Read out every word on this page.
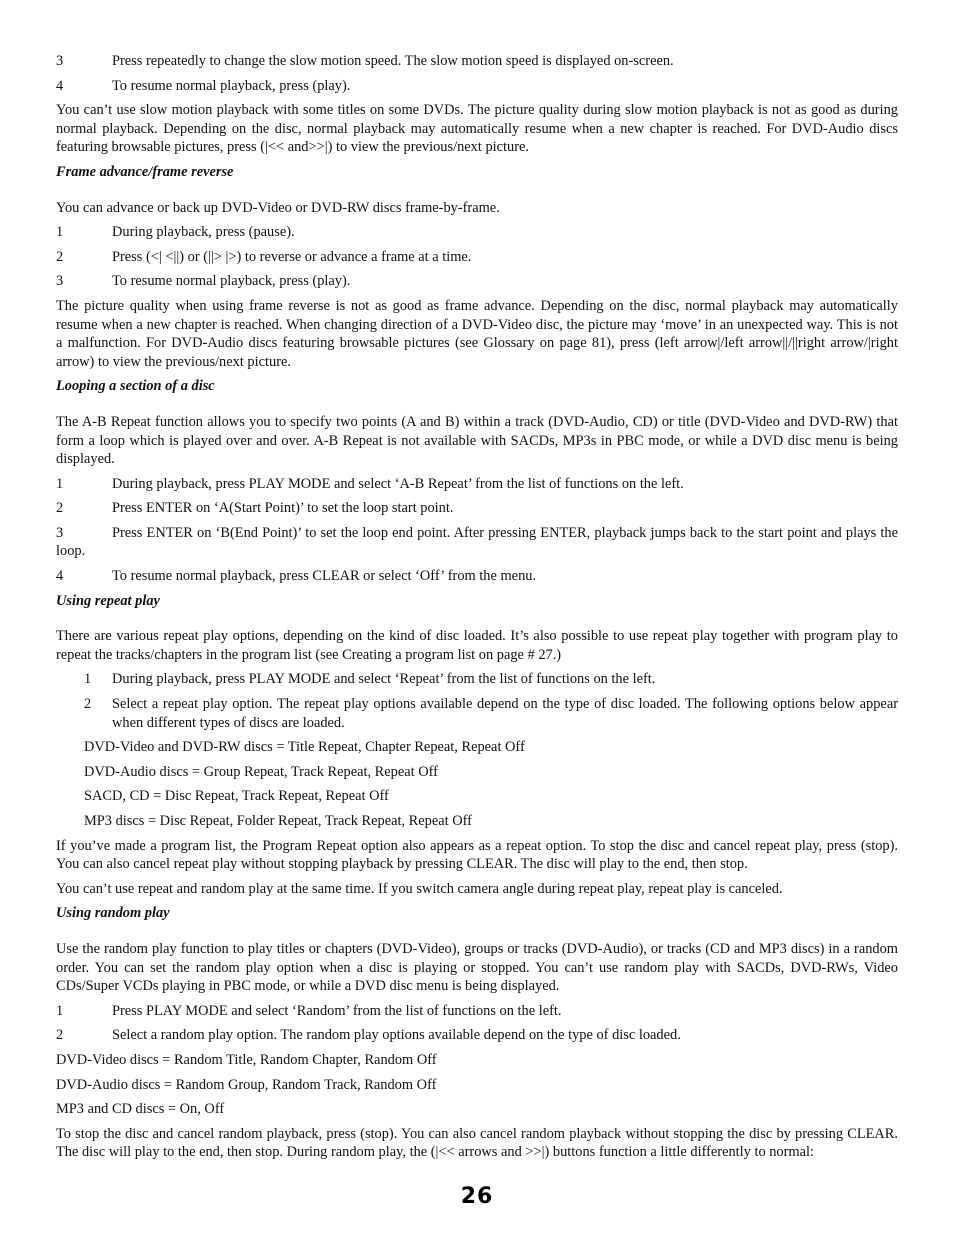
3	Press repeatedly to change the slow motion speed. The slow motion speed is displayed on-screen.
4	To resume normal playback, press (play).

You can’t use slow motion playback with some titles on some DVDs. The picture quality during slow motion playback is not as good as during normal playback. Depending on the disc, normal playback may automatically resume when a new chapter is reached. For DVD-Audio discs featuring browsable pictures, press (|<< and>>|) to view the previous/next picture.

Frame advance/frame reverse

You can advance or back up DVD-Video or DVD-RW discs frame-by-frame.

1	During playback, press (pause).
2	Press (<| <||) or (||> |>) to reverse or advance a frame at a time.
3	To resume normal playback, press (play).

The picture quality when using frame reverse is not as good as frame advance. Depending on the disc, normal playback may automatically resume when a new chapter is reached. When changing direction of a DVD-Video disc, the picture may ‘move’ in an unexpected way. This is not a malfunction. For DVD-Audio discs featuring browsable pictures (see Glossary on page 81), press (left arrow|/left arrow||/||right arrow/|right arrow) to view the previous/next picture.

Looping a section of a disc

The A-B Repeat function allows you to specify two points (A and B) within a track (DVD-Audio, CD) or title (DVD-Video and DVD-RW) that form a loop which is played over and over. A-B Repeat is not available with SACDs, MP3s in PBC mode, or while a DVD disc menu is being displayed.

1	During playback, press PLAY MODE and select ‘A-B Repeat’ from the list of functions on the left.
2	Press ENTER on ‘A(Start Point)’ to set the loop start point.
3	Press ENTER on ‘B(End Point)’ to set the loop end point. After pressing ENTER, playback jumps back to the start point and plays the loop.
4	To resume normal playback, press CLEAR or select ‘Off’ from the menu.
Using repeat play

There are various repeat play options, depending on the kind of disc loaded. It’s also possible to use repeat play together with program play to repeat the tracks/chapters in the program list (see Creating a program list on page # 27.)

1	During playback, press PLAY MODE and select ‘Repeat’ from the list of functions on the left.
2	Select a repeat play option. The repeat play options available depend on the type of disc loaded. The following options below appear when different types of discs are loaded.
DVD-Video and DVD-RW discs = Title Repeat, Chapter Repeat, Repeat Off
DVD-Audio discs = Group Repeat, Track Repeat, Repeat Off
SACD, CD = Disc Repeat, Track Repeat, Repeat Off
MP3 discs = Disc Repeat, Folder Repeat, Track Repeat, Repeat Off

If you’ve made a program list, the Program Repeat option also appears as a repeat option. To stop the disc and cancel repeat play, press (stop). You can also cancel repeat play without stopping playback by pressing CLEAR. The disc will play to the end, then stop.

You can’t use repeat and random play at the same time. If you switch camera angle during repeat play, repeat play is canceled.

Using random play

Use the random play function to play titles or chapters (DVD-Video), groups or tracks (DVD-Audio), or tracks (CD and MP3 discs) in a random order. You can set the random play option when a disc is playing or stopped. You can’t use random play with SACDs, DVD-RWs, Video CDs/Super VCDs playing in PBC mode, or while a DVD disc menu is being displayed.

1	Press PLAY MODE and select ‘Random’ from the list of functions on the left.
2	Select a random play option. The random play options available depend on the type of disc loaded.
DVD-Video discs = Random Title, Random Chapter, Random Off
DVD-Audio discs = Random Group, Random Track, Random Off
MP3 and CD discs = On, Off

To stop the disc and cancel random playback, press (stop). You can also cancel random playback without stopping the disc by pressing CLEAR. The disc will play to the end, then stop. During random play, the (|<< arrows and >>|) buttons function a little differently to normal:

26
